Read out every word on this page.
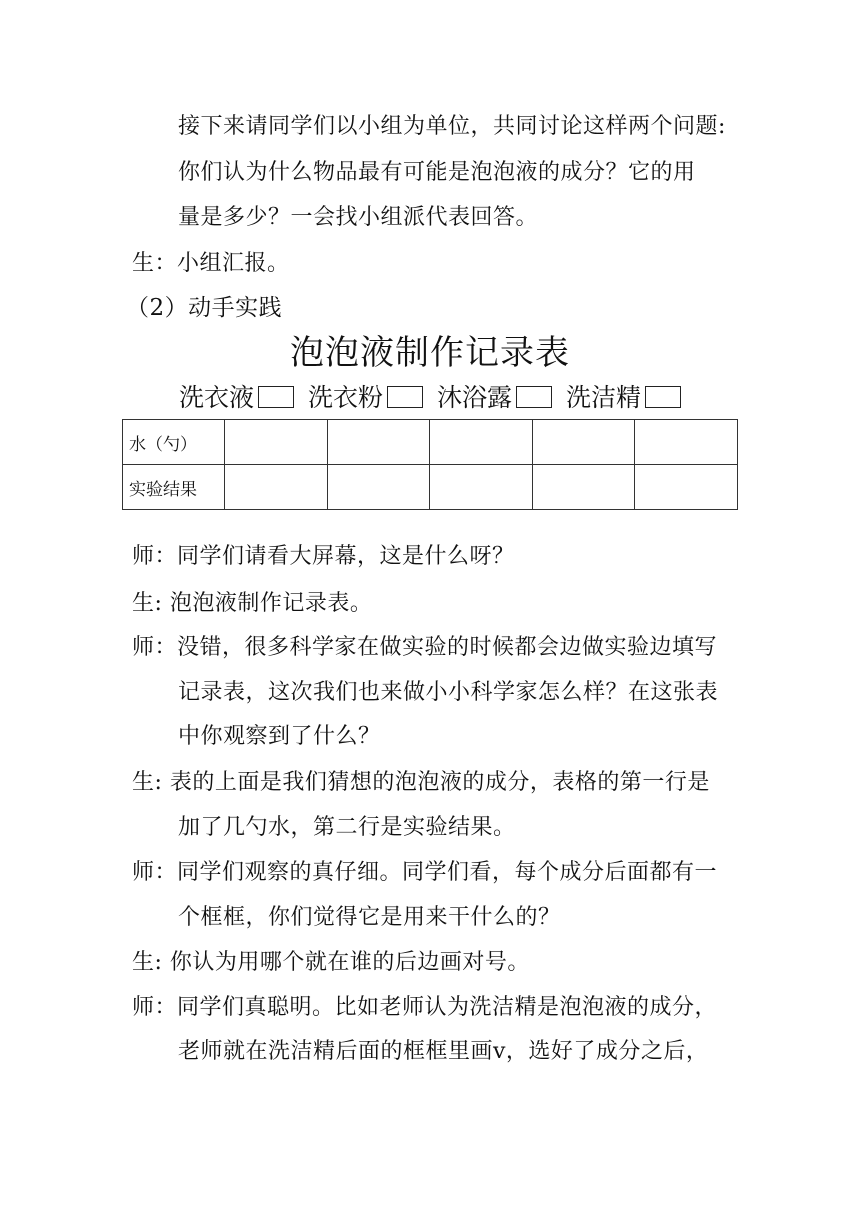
接下来请同学们以小组为单位，共同讨论这样两个问题:
你们认为什么物品最有可能是泡泡液的成分？它的用
量是多少？一会找小组派代表回答。
生：小组汇报。
（2）动手实践
泡泡液制作记录表
洗衣液 洗衣粉 沐浴露 洗洁精
水（勺）					
实验结果					
师：同学们请看大屏幕，这是什么呀？
生: 泡泡液制作记录表。
师：没错，很多科学家在做实验的时候都会边做实验边填写
记录表，这次我们也来做小小科学家怎么样？在这张表
中你观察到了什么？
生: 表的上面是我们猜想的泡泡液的成分，表格的第一行是
加了几勺水，第二行是实验结果。
师：同学们观察的真仔细。同学们看，每个成分后面都有一
个框框，你们觉得它是用来干什么的？
生: 你认为用哪个就在谁的后边画对号。
师：同学们真聪明。比如老师认为洗洁精是泡泡液的成分，
老师就在洗洁精后面的框框里画v，选好了成分之后，
